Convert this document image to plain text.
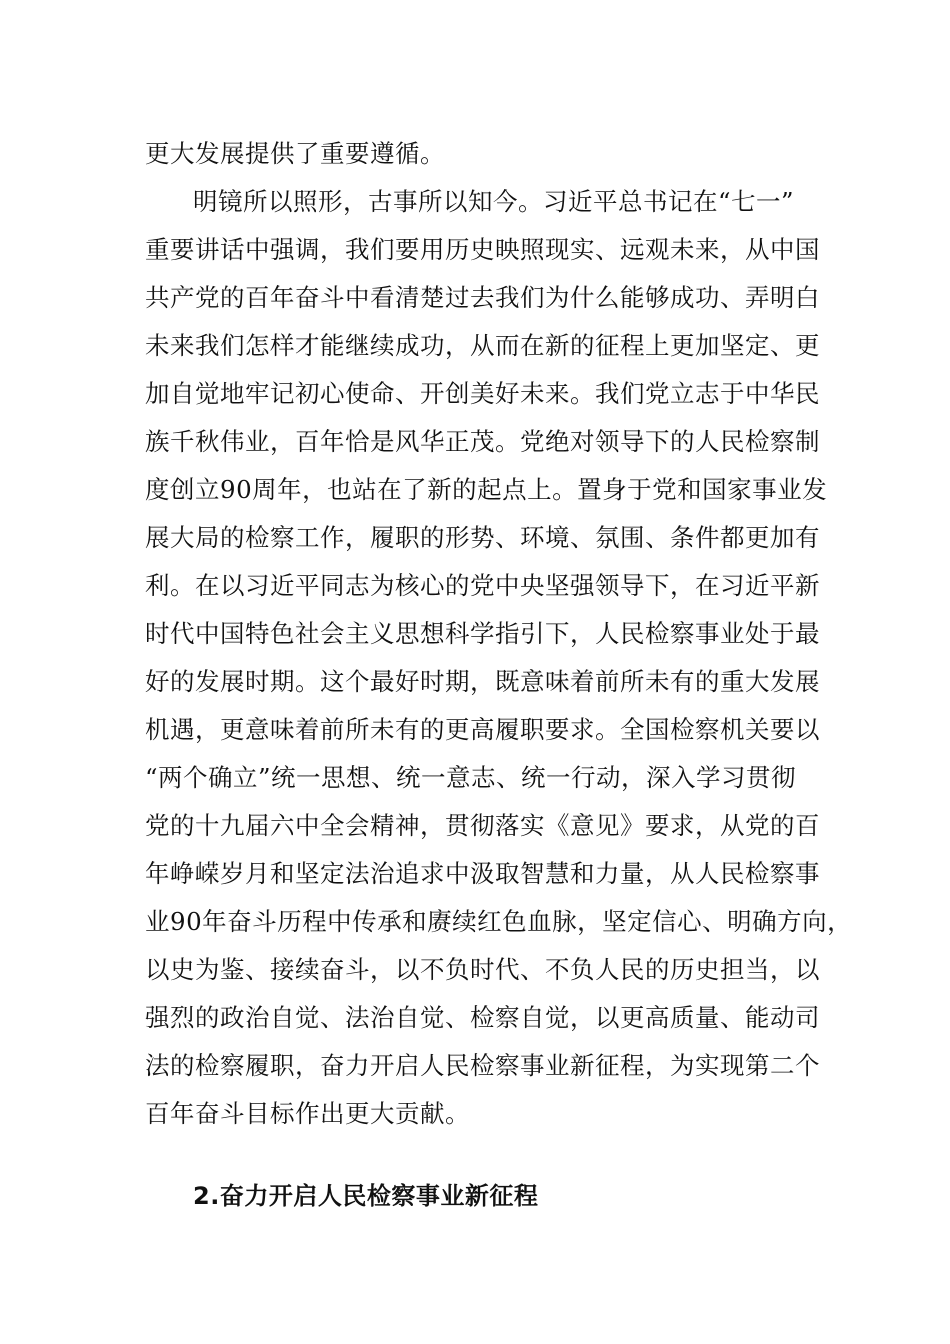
更大发展提供了重要遵循。
明镜所以照形，古事所以知今。习近平总书记在“七一”
重要讲话中强调，我们要用历史映照现实、远观未来，从中国
共产党的百年奋斗中看清楚过去我们为什么能够成功、弄明白
未来我们怎样才能继续成功，从而在新的征程上更加坚定、更
加自觉地牢记初心使命、开创美好未来。我们党立志于中华民
族千秋伟业，百年恰是风华正茂。党绝对领导下的人民检察制
度创立90周年，也站在了新的起点上。置身于党和国家事业发
展大局的检察工作，履职的形势、环境、氛围、条件都更加有
利。在以习近平同志为核心的党中央坚强领导下，在习近平新
时代中国特色社会主义思想科学指引下，人民检察事业处于最
好的发展时期。这个最好时期，既意味着前所未有的重大发展
机遇，更意味着前所未有的更高履职要求。全国检察机关要以
“两个确立”统一思想、统一意志、统一行动，深入学习贯彻
党的十九届六中全会精神，贯彻落实《意见》要求，从党的百
年峥嵘岁月和坚定法治追求中汲取智慧和力量，从人民检察事
业90年奋斗历程中传承和赓续红色血脉，坚定信心、明确方向，
以史为鉴、接续奋斗，以不负时代、不负人民的历史担当，以
强烈的政治自觉、法治自觉、检察自觉，以更高质量、能动司
法的检察履职，奋力开启人民检察事业新征程，为实现第二个
百年奋斗目标作出更大贡献。
2.奋力开启人民检察事业新征程
